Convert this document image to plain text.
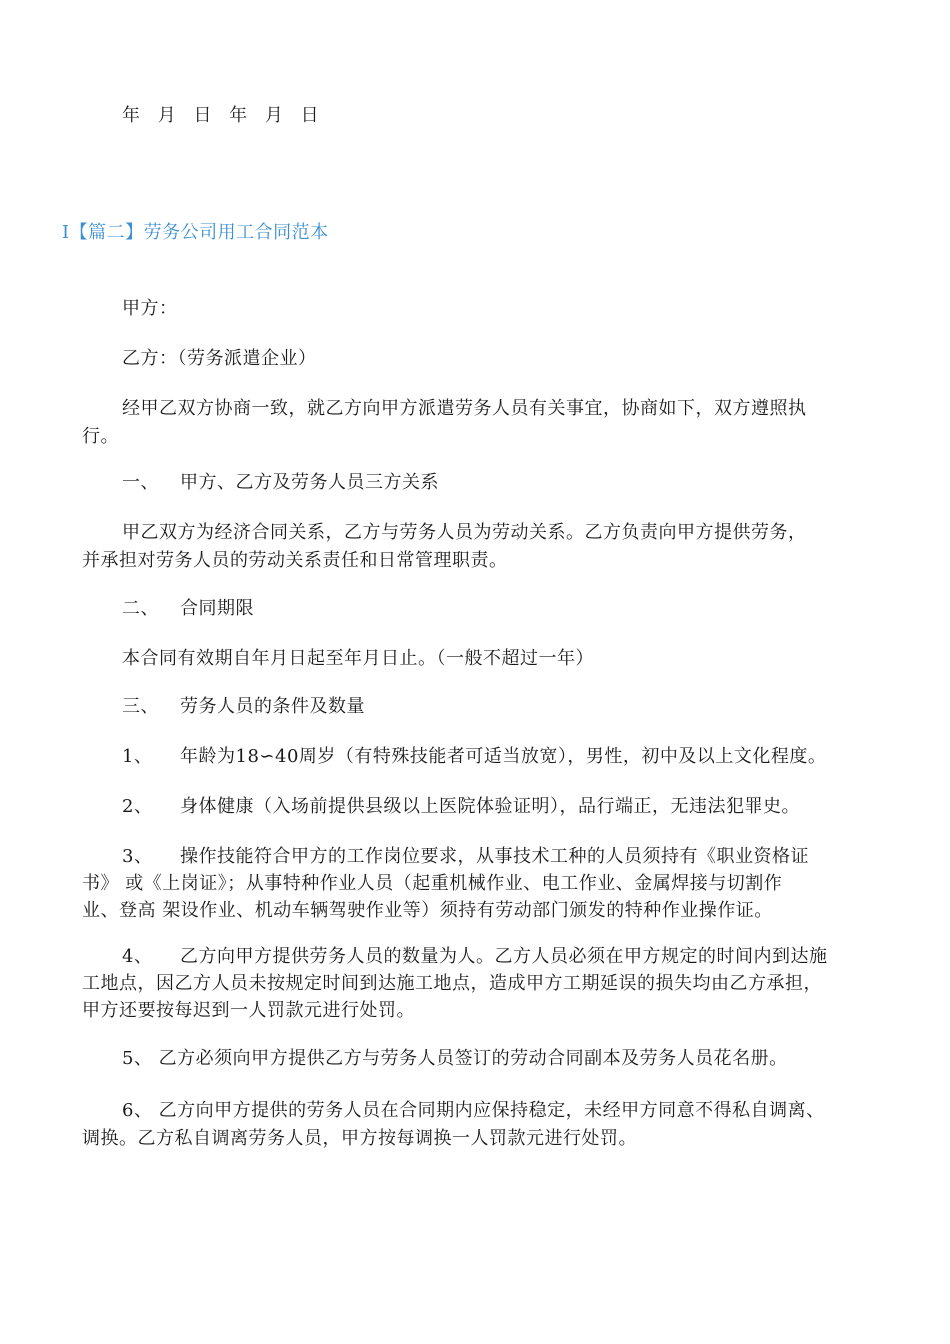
年 月 日 年 月 日
I【篇二】劳务公司用工合同范本
甲方：
乙方：（劳务派遣企业）
经甲乙双方协商一致，就乙方向甲方派遣劳务人员有关事宜，协商如下，双方遵照执
行。
一、 甲方、乙方及劳务人员三方关系
甲乙双方为经济合同关系，乙方与劳务人员为劳动关系。乙方负责向甲方提供劳务，
并承担对劳务人员的劳动关系责任和日常管理职责。
二、 合同期限
本合同有效期自年月日起至年月日止。（一般不超过一年）
三、 劳务人员的条件及数量
1、 年龄为18∽40周岁（有特殊技能者可适当放宽），男性，初中及以上文化程度。
2、 身体健康（入场前提供县级以上医院体验证明），品行端正，无违法犯罪史。
3、 操作技能符合甲方的工作岗位要求，从事技术工种的人员须持有《职业资格证
书》 或《上岗证》；从事特种作业人员（起重机械作业、电工作业、金属焊接与切割作
业、登高 架设作业、机动车辆驾驶作业等）须持有劳动部门颁发的特种作业操作证。
4、 乙方向甲方提供劳务人员的数量为人。乙方人员必须在甲方规定的时间内到达施
工地点，因乙方人员未按规定时间到达施工地点，造成甲方工期延误的损失均由乙方承担，
甲方还要按每迟到一人罚款元进行处罚。
5、 乙方必须向甲方提供乙方与劳务人员签订的劳动合同副本及劳务人员花名册。
6、 乙方向甲方提供的劳务人员在合同期内应保持稳定，未经甲方同意不得私自调离、
调换。乙方私自调离劳务人员，甲方按每调换一人罚款元进行处罚。
